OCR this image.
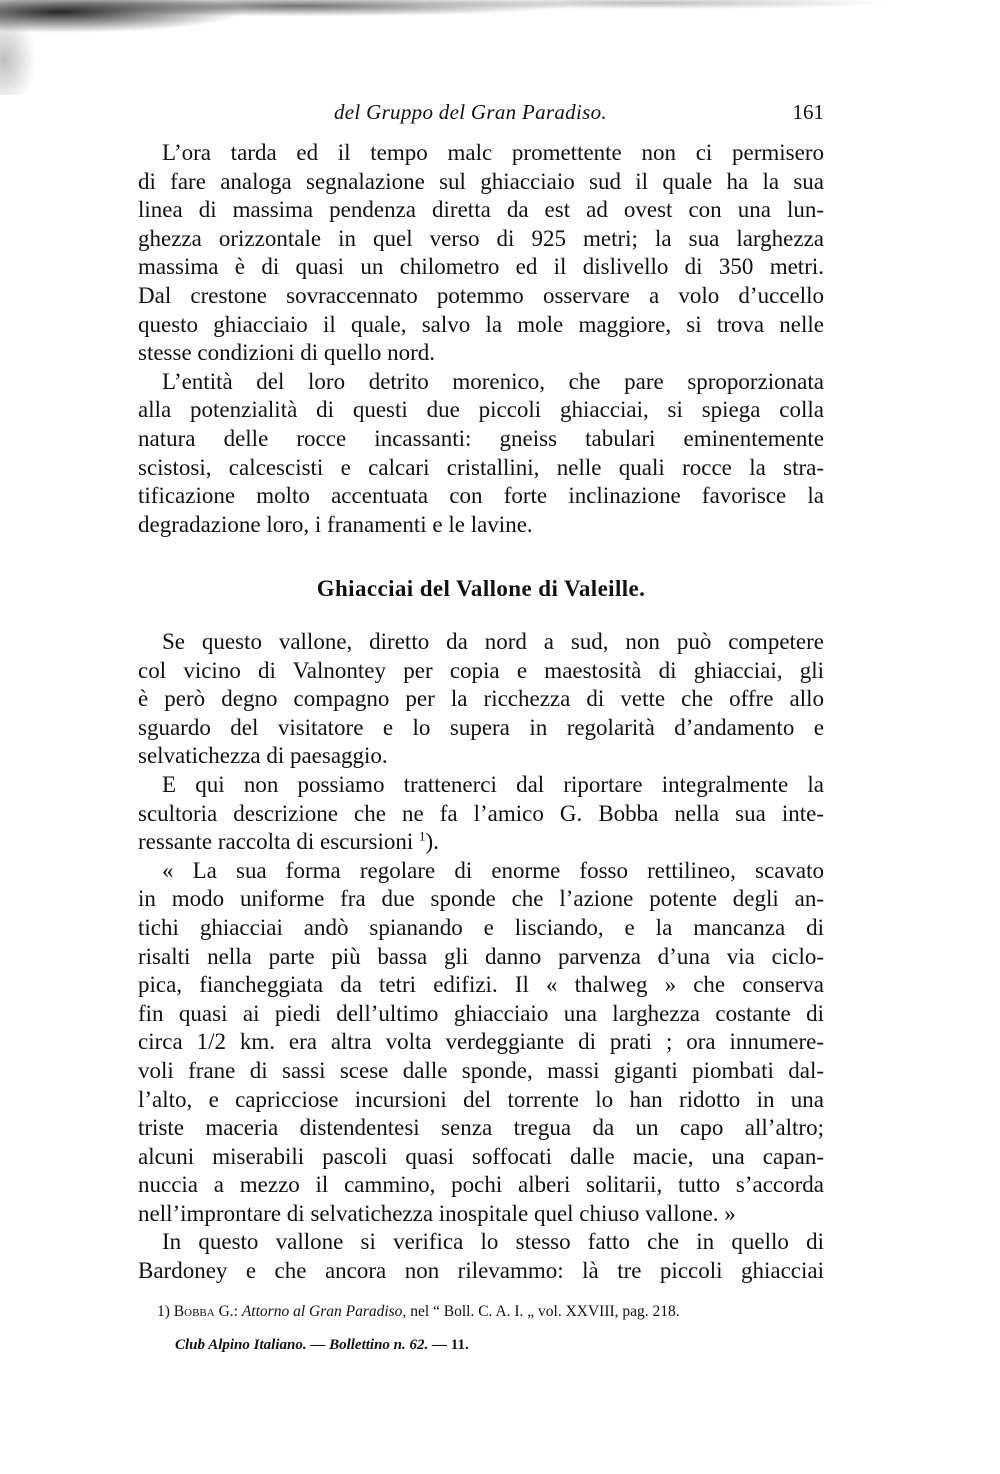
del Gruppo del Gran Paradiso.	161
L’ora tarda ed il tempo malc promettente non ci permisero
di fare analoga segnalazione sul ghiacciaio sud il quale ha la sua
linea di massima pendenza diretta da est ad ovest con una lun-
ghezza orizzontale in quel verso di 925 metri; la sua larghezza
massima è di quasi un chilometro ed il dislivello di 350 metri.
Dal crestone sovraccennato potemmo osservare a volo d’uccello
questo ghiacciaio il quale, salvo la mole maggiore, si trova nelle
stesse condizioni di quello nord.
L’entità del loro detrito morenico, che pare sproporzionata
alla potenzialità di questi due piccoli ghiacciai, si spiega colla
natura delle rocce incassanti: gneiss tabulari eminentemente
scistosi, calcescisti e calcari cristallini, nelle quali rocce la stra-
tificazione molto accentuata con forte inclinazione favorisce la
degradazione loro, i franamenti e le lavine.
Ghiacciai del Vallone di Valeille.
Se questo vallone, diretto da nord a sud, non può competere
col vicino di Valnontey per copia e maestosità di ghiacciai, gli
è però degno compagno per la ricchezza di vette che offre allo
sguardo del visitatore e lo supera in regolarità d’andamento e
selvatichezza di paesaggio.
E qui non possiamo trattenerci dal riportare integralmente la
scultoria descrizione che ne fa l’amico G. Bobba nella sua inte-
ressante raccolta di escursioni $^1$).
« La sua forma regolare di enorme fosso rettilineo, scavato
in modo uniforme fra due sponde che l’azione potente degli an-
tichi ghiacciai andò spianando e lisciando, e la mancanza di
risalti nella parte più bassa gli danno parvenza d’una via ciclo-
pica, fiancheggiata da tetri edifizi. Il « thalweg » che conserva
fin quasi ai piedi dell’ultimo ghiacciaio una larghezza costante di
circa 1/2 km. era altra volta verdeggiante di prati ; ora innumere-
voli frane di sassi scese dalle sponde, massi giganti piombati dal-
l’alto, e capricciose incursioni del torrente lo han ridotto in una
triste maceria distendentesi senza tregua da un capo all’altro;
alcuni miserabili pascoli quasi soffocati dalle macie, una capan-
nuccia a mezzo il cammino, pochi alberi solitarii, tutto s’accorda
nell’improntare di selvatichezza inospitale quel chiuso vallone. »
In questo vallone si verifica lo stesso fatto che in quello di
Bardoney e che ancora non rilevammo: là tre piccoli ghiacciai
1) Bobba G.: Attorno al Gran Paradiso, nel “ Boll. C. A. I. „ vol. XXVIII, pag. 218.
Club Alpino Italiano. — Bollettino n. 62. — 11.
